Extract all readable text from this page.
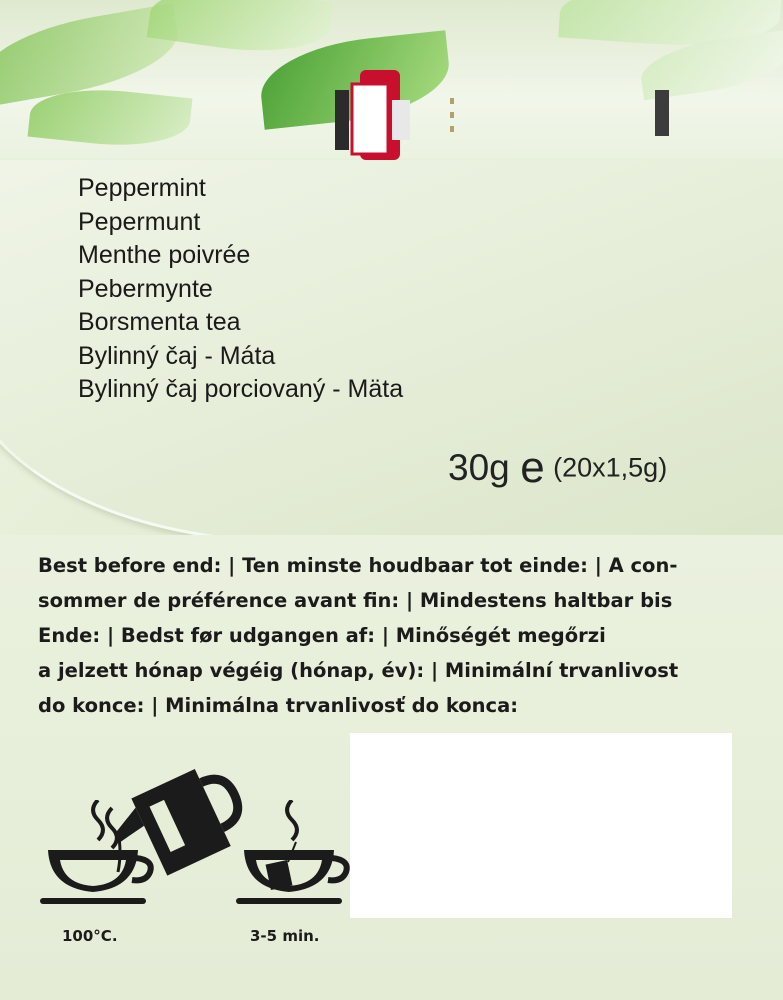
Peppermint
Pepermunt
Menthe poivrée
Pebermynte
Borsmenta tea
Bylinný čaj - Máta
Bylinný čaj porciovaný - Mäta
30g e (20x1,5g)
Best before end: | Ten minste houdbaar tot einde: | A con-
sommer de préférence avant fin: | Mindestens haltbar bis
Ende: | Bedst før udgangen af: | Minőségét megőrzi
a jelzett hónap végéig (hónap, év): | Minimální trvanlivost
do konce: | Minimálna trvanlivosť do konca:
100°C.	3-5 min.
